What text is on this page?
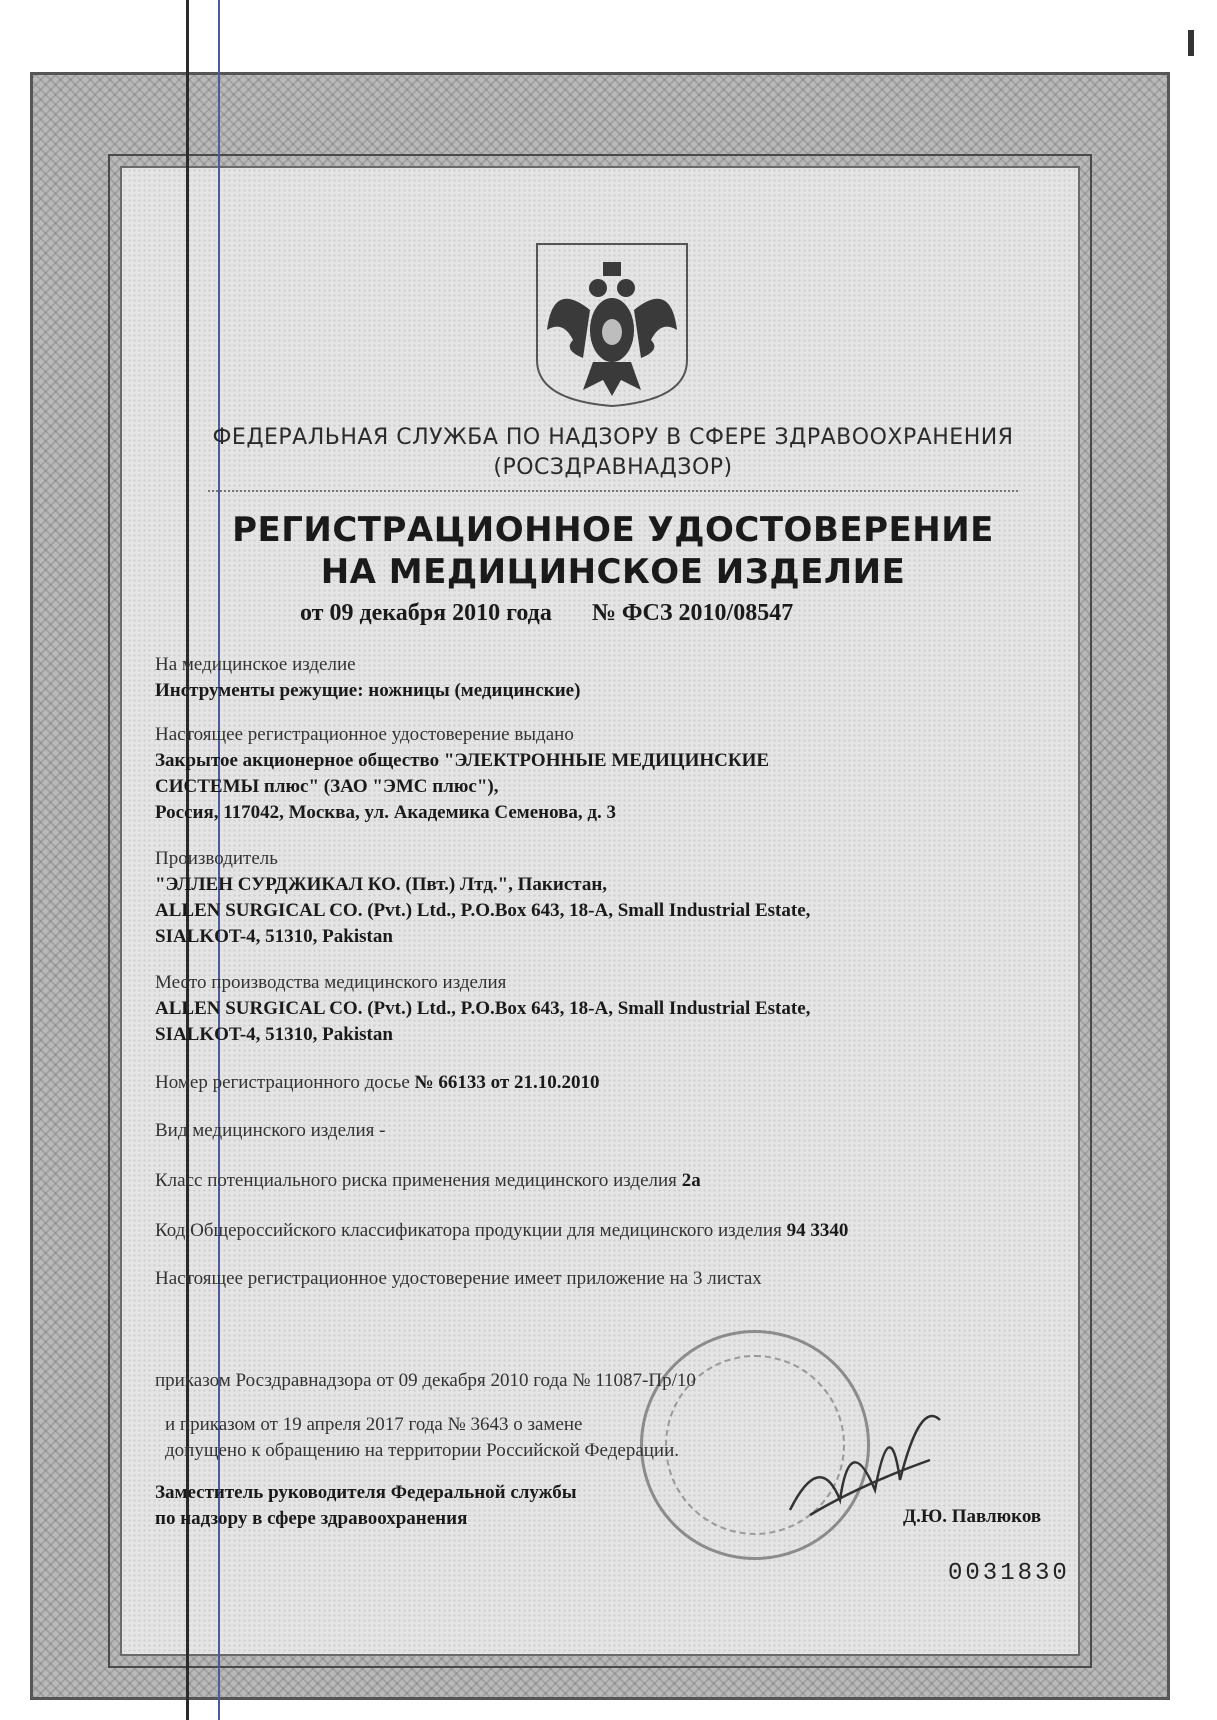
ФЕДЕРАЛЬНАЯ СЛУЖБА ПО НАДЗОРУ В СФЕРЕ ЗДРАВООХРАНЕНИЯ
(РОСЗДРАВНАДЗОР)
РЕГИСТРАЦИОННОЕ УДОСТОВЕРЕНИЕ
НА МЕДИЦИНСКОЕ ИЗДЕЛИЕ
от 09 декабря 2010 года № ФСЗ 2010/08547
На медицинское изделие
Инструменты режущие: ножницы (медицинские)
Настоящее регистрационное удостоверение выдано
Закрытое акционерное общество "ЭЛЕКТРОННЫЕ МЕДИЦИНСКИЕ
СИСТЕМЫ плюс" (ЗАО "ЭМС плюс"),
Россия, 117042, Москва, ул. Академика Семенова, д. 3
Производитель
"ЭЛЛЕН СУРДЖИКАЛ КО. (Пвт.) Лтд.", Пакистан,
ALLEN SURGICAL CO. (Pvt.) Ltd., P.O.Box 643, 18-A, Small Industrial Estate,
SIALKOT-4, 51310, Pakistan
Место производства медицинского изделия
ALLEN SURGICAL CO. (Pvt.) Ltd., P.O.Box 643, 18-A, Small Industrial Estate,
SIALKOT-4, 51310, Pakistan
Номер регистрационного досье № 66133 от 21.10.2010
Вид медицинского изделия -
Класс потенциального риска применения медицинского изделия 2а
Код Общероссийского классификатора продукции для медицинского изделия 94 3340
Настоящее регистрационное удостоверение имеет приложение на 3 листах
приказом Росздравнадзора от 09 декабря 2010 года № 11087-Пр/10
и приказом от 19 апреля 2017 года № 3643 о замене
допущено к обращению на территории Российской Федерации.
Заместитель руководителя Федеральной службы
по надзору в сфере здравоохранения	Д.Ю. Павлюков
0031830
